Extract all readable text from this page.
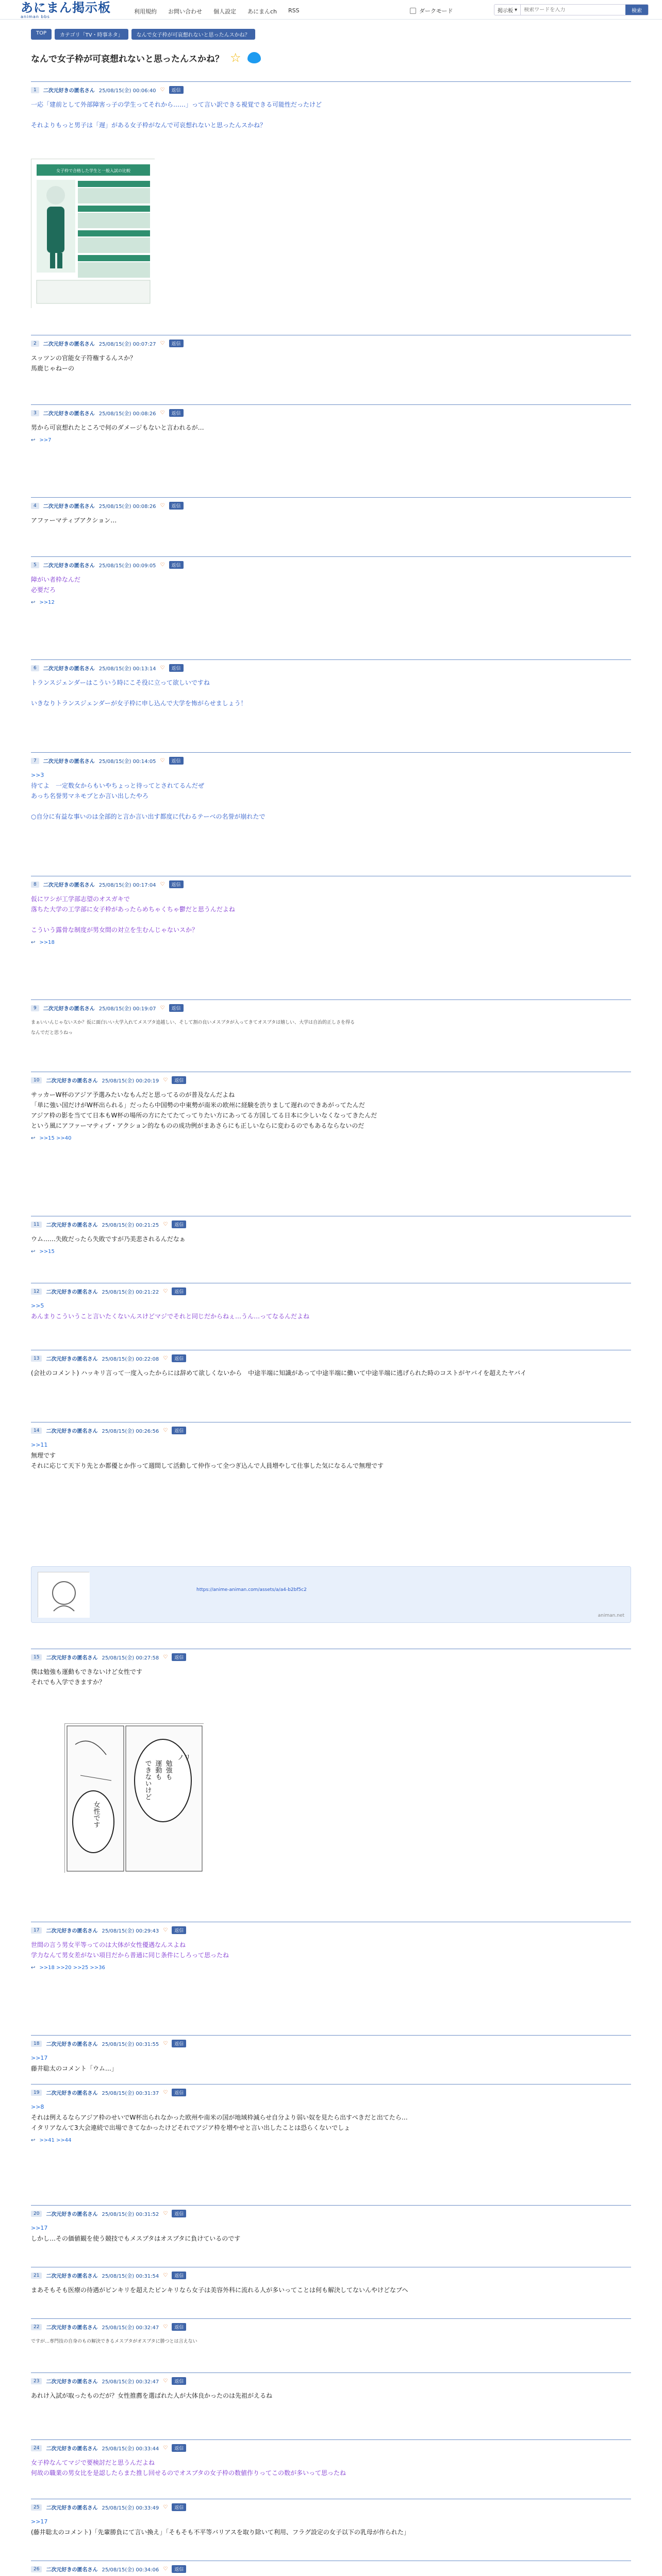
あにまん掲示板
animan bbs
利用規約 お問い合わせ 個人設定 あにまんch RSS	ダークモード	掲示板 ▾
検索ワードを入力	検索
TOP	カテゴリ「TV・時事ネタ」	なんで女子枠が可哀想れないと思ったんスかね？
なんで女子枠が可哀想れないと思ったんスかね？ ☆
1	二次元好きの匿名さん 25/08/15(金) 00:06:40 ♡	返信

一応「建前として外部障害っ子の学生ってそれから……」って言い訳できる視覚できる可能性だったけど

それよりもっと男子は「遅」がある女子枠がなんで可哀想れないと思ったんスかね？

2	二次元好きの匿名さん 25/08/15(金) 00:07:27 ♡	返信

スッツンの官能女子符権するんスか？

馬鹿じゃねーの

3	二次元好きの匿名さん 25/08/15(金) 00:08:26 ♡	返信

男から可哀想れたところで何のダメージもないと言われるが…

↩ >>7
4	二次元好きの匿名さん 25/08/15(金) 00:08:26 ♡	返信

アファーマティブアクション…

5	二次元好きの匿名さん 25/08/15(金) 00:09:05 ♡	返信

障がい者枠なんだ

必要だろ

↩ >>12
6	二次元好きの匿名さん 25/08/15(金) 00:13:14 ♡	返信

トランスジェンダーはこういう時にこそ役に立って欲しいですね

いきなりトランスジェンダーが女子枠に申し込んで大学を怖がらせましょう！

7	二次元好きの匿名さん 25/08/15(金) 00:14:05 ♡	返信

>>3

待てよ　一定数女からもいやちょっと待ってとされてるんだぜ

あっち名誉男マネモブとか言い出したやろ

○自分に有益な事いのは全部的と言か言い出す都度に代わるテーベの名誉が崩れたで

8	二次元好きの匿名さん 25/08/15(金) 00:17:04 ♡	返信

仮にワシが工学部志望のオスガキで

落ちた大学の工学部に女子枠があったらめちゃくちゃ鬱だと思うんだよね

こういう露骨な制度が男女間の対立を生むんじゃないスか？

↩ >>18
9	二次元好きの匿名さん 25/08/15(金) 00:19:07 ♡	返信

まぁいいんじゃないスか？仮に面白いい大学入れてメスブタ追越しい、そして割の良いメスブタが入ってきてオスブタは嬉しい、大学は自治的正しさを得る

なんでだと思うねっ

10	二次元好きの匿名さん 25/08/15(金) 00:20:19 ♡	返信

サッカーW杯のアジア予選みたいなもんだと思ってるのが普及なんだよね

「単に強い国だけがW杯出られる」だったら中国勢の中東勢が南米の欧州に経験を渋りまして遅れのできあがってたんだ

アジア枠の影を当てて日本もW杯の場所の方にたてたてってりたい方にあってる方国してる日本に少しいなくなってきたんだ

という風にアファーマティブ・アクション的なものの成功例がまあさらにも正しいならに変わるのでもあるならないのだ

↩ >>15 >>40
11	二次元好きの匿名さん 25/08/15(金) 00:21:25 ♡	返信

ウム……失敗だったら失敗ですが乃美悲されるんだなぁ

↩ >>15
12	二次元好きの匿名さん 25/08/15(金) 00:21:22 ♡	返信

>>5

あんまりこういうこと言いたくないんスけどマジでそれと同じだからねぇ…うん…ってなるんだよね

13	二次元好きの匿名さん 25/08/15(金) 00:22:08 ♡	返信

(会社のコメント) ハッキリ言って一度入ったからには辞めて欲しくないから　中途半端に知識があって中途半端に働いて中途半端に逃げられた時のコストがヤバイを超えたヤバイ

14	二次元好きの匿名さん 25/08/15(金) 00:26:56 ♡	返信

>>11

無理です

それに応じて天下り先とか都優とか作って週間して活動して仲作って全つぎ込んで人員増やして仕事した気になるんで無理です

15	二次元好きの匿名さん 25/08/15(金) 00:27:58 ♡	返信

僕は勉強も運動もできないけど女性です

それでも入学できますか？

17	二次元好きの匿名さん 25/08/15(金) 00:29:43 ♡	返信

世間の言う男女平等ってのは大体が女性優遇なんスよね

学力なんて男女差がない項目だから普通に同じ条件にしろって思ったね

↩ >>18 >>20 >>25 >>36
18	二次元好きの匿名さん 25/08/15(金) 00:31:55 ♡	返信

>>17

藤井聡太のコメント「ウム…」

19	二次元好きの匿名さん 25/08/15(金) 00:31:37 ♡	返信

>>8

それは例えるならアジア枠のせいでW杯出られなかった欧州や南米の国が地域枠減らせ自分より弱い奴を見たら出すべきだと出てたら…

イタリアなんて3大会連続で出場できてなかったけどそれでアジア枠を増やせと言い出したことは恐らくないでしょ

↩ >>41 >>44
20	二次元好きの匿名さん 25/08/15(金) 00:31:52 ♡	返信

>>17

しかし…その価値観を使う競技でもメスブタはオスブタに負けているのです

21	二次元好きの匿名さん 25/08/15(金) 00:31:54 ♡	返信

まあそもそも医療の待遇がピンキリを超えたピンキリなら女子は美容外科に流れる人が多いってことは何も解決してないんやけどなブヘ

22	二次元好きの匿名さん 25/08/15(金) 00:32:47 ♡	返信

ですが…専門技の自身のもの解決できるメスブタがオスブタに勝つとは言えない

23	二次元好きの匿名さん 25/08/15(金) 00:32:47 ♡	返信

あれけ入試が取ったものだが？女性推薦を選ばれた人が大体良かったのは先祖がえるね

24	二次元好きの匿名さん 25/08/15(金) 00:33:44 ♡	返信

女子枠なんてマジで要検討だと思うんだよね

何故の職業の男女比を是認したらまた推し回せるのでオスブタの女子枠の数値作りってこの数が多いって思ったね

25	二次元好きの匿名さん 25/08/15(金) 00:33:49 ♡	返信

>>17

(藤井聡太のコメント)「先輩勝負にて言い換え」「そもそも不平等バリアスを取り除いて利用、フラグ設定の女子以下の乳母が作られた」

26	二次元好きの匿名さん 25/08/15(金) 00:34:06 ♡	返信

女子枠で合格した学生と一般入試の比較
https://anime-animan.com/assets/a/a4-b2bf5c2
animan.net
ノリ
勉強も
運動も
できないけど
女性です
